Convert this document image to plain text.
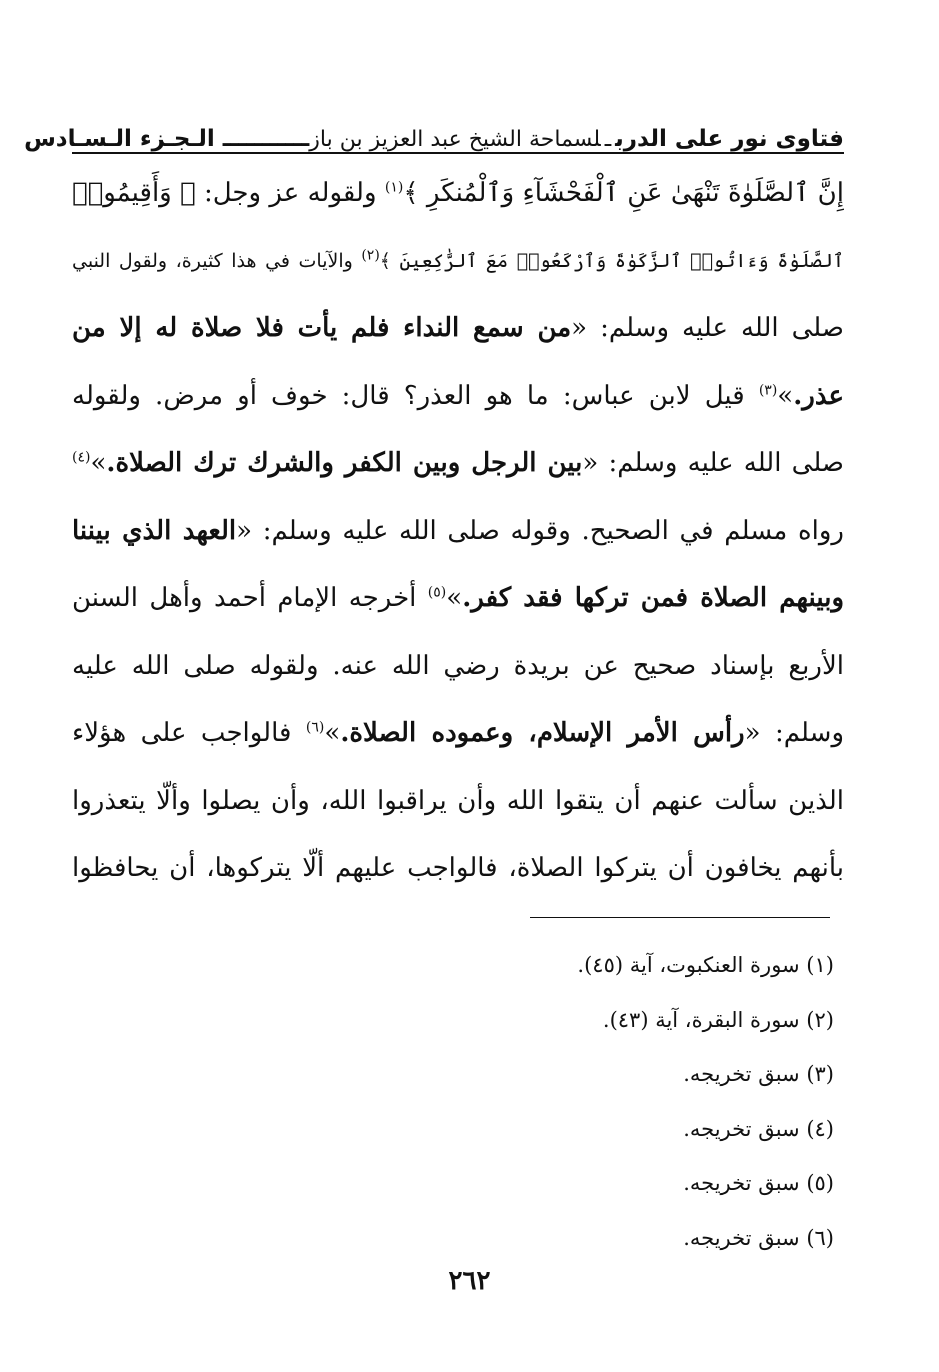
فتاوى نور على الدربـلسماحة الشيخ عبد العزيز بن باز
ـــــــــــ الـجـزء الـسـادس
إِنَّ ٱلصَّلَوٰةَ تَنْهَىٰ عَنِ ٱلْفَحْشَآءِ وَٱلْمُنكَرِ ﴾$^{(١)}$ ولقوله عز وجل: ﴿ وَأَقِيمُوا۟
ٱلصَّلَوٰةَ وَءَاتُوا۟ ٱلزَّكَوٰةَ وَٱرْكَعُوا۟ مَعَ ٱلرَّٰكِعِينَ ﴾$^{(٢)}$ والآيات في هذا كثيرة، ولقول النبي
صلى الله عليه وسلم: «من سمع النداء فلم يأت فلا صلاة له إلا من
عذر.»$^{(٣)}$ قيل لابن عباس: ما هو العذر؟ قال: خوف أو مرض. ولقوله
صلى الله عليه وسلم: «بين الرجل وبين الكفر والشرك ترك الصلاة.»$^{(٤)}$
رواه مسلم في الصحيح. وقوله صلى الله عليه وسلم: «العهد الذي بيننا
وبينهم الصلاة فمن تركها فقد كفر.»$^{(٥)}$ أخرجه الإمام أحمد وأهل السنن
الأربع بإسناد صحيح عن بريدة رضي الله عنه. ولقوله صلى الله عليه
وسلم: «رأس الأمر الإسلام، وعموده الصلاة.»$^{(٦)}$ فالواجب على هؤلاء
الذين سألت عنهم أن يتقوا الله وأن يراقبوا الله، وأن يصلوا وألّا يتعذروا
بأنهم يخافون أن يتركوا الصلاة، فالواجب عليهم ألّا يتركوها، أن يحافظوا
(١) سورة العنكبوت، آية (٤٥).
(٢) سورة البقرة، آية (٤٣).
(٣) سبق تخريجه.
(٤) سبق تخريجه.
(٥) سبق تخريجه.
(٦) سبق تخريجه.
٢٦٢
